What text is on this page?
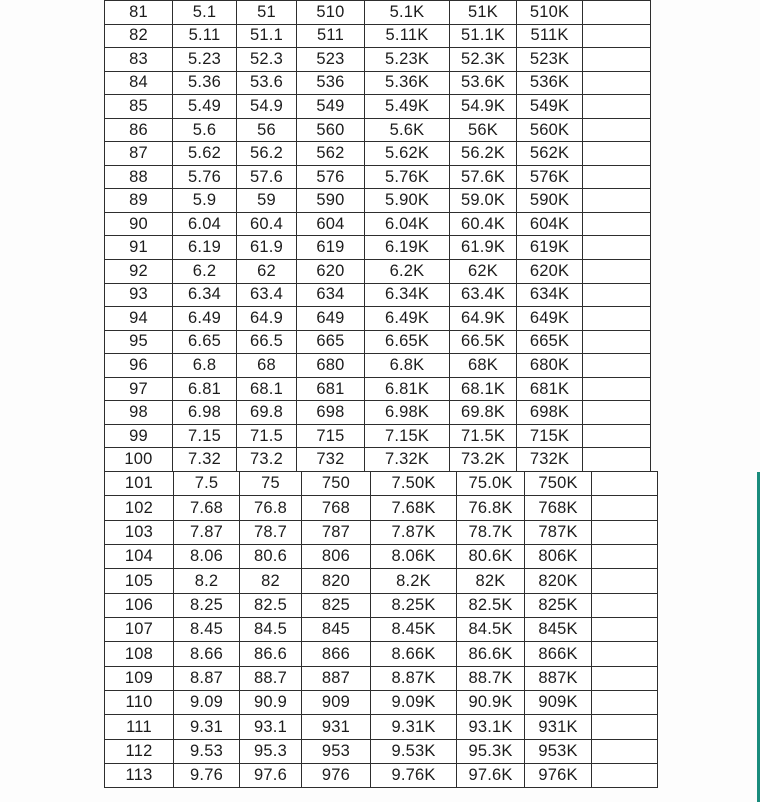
81	5.1	51	510	5.1K	51K	510K	
82	5.11	51.1	511	5.11K	51.1K	511K	
83	5.23	52.3	523	5.23K	52.3K	523K	
84	5.36	53.6	536	5.36K	53.6K	536K	
85	5.49	54.9	549	5.49K	54.9K	549K	
86	5.6	56	560	5.6K	56K	560K	
87	5.62	56.2	562	5.62K	56.2K	562K	
88	5.76	57.6	576	5.76K	57.6K	576K	
89	5.9	59	590	5.90K	59.0K	590K	
90	6.04	60.4	604	6.04K	60.4K	604K	
91	6.19	61.9	619	6.19K	61.9K	619K	
92	6.2	62	620	6.2K	62K	620K	
93	6.34	63.4	634	6.34K	63.4K	634K	
94	6.49	64.9	649	6.49K	64.9K	649K	
95	6.65	66.5	665	6.65K	66.5K	665K	
96	6.8	68	680	6.8K	68K	680K	
97	6.81	68.1	681	6.81K	68.1K	681K	
98	6.98	69.8	698	6.98K	69.8K	698K	
99	7.15	71.5	715	7.15K	71.5K	715K	
100	7.32	73.2	732	7.32K	73.2K	732K	
101	7.5	75	750	7.50K	75.0K	750K	
102	7.68	76.8	768	7.68K	76.8K	768K	
103	7.87	78.7	787	7.87K	78.7K	787K	
104	8.06	80.6	806	8.06K	80.6K	806K	
105	8.2	82	820	8.2K	82K	820K	
106	8.25	82.5	825	8.25K	82.5K	825K	
107	8.45	84.5	845	8.45K	84.5K	845K	
108	8.66	86.6	866	8.66K	86.6K	866K	
109	8.87	88.7	887	8.87K	88.7K	887K	
110	9.09	90.9	909	9.09K	90.9K	909K	
111	9.31	93.1	931	9.31K	93.1K	931K	
112	9.53	95.3	953	9.53K	95.3K	953K	
113	9.76	97.6	976	9.76K	97.6K	976K	
